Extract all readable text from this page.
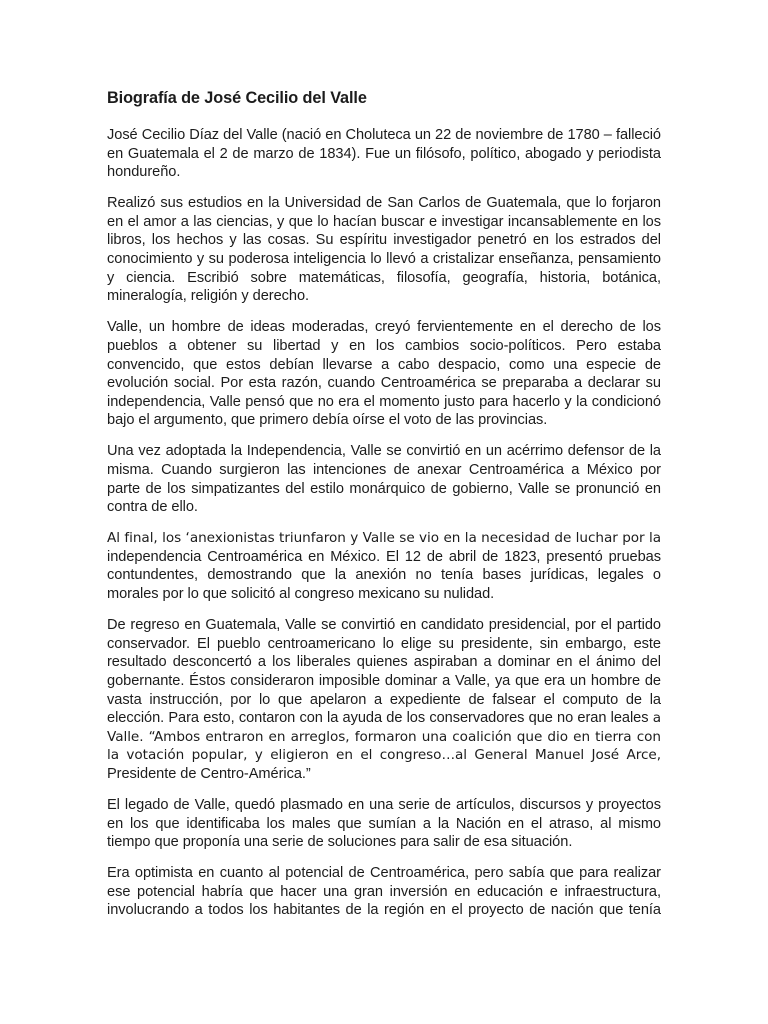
Biografía de José Cecilio del Valle

José Cecilio Díaz del Valle (nació en Choluteca un 22 de noviembre de 1780 – falleció en Guatemala el 2 de marzo de 1834). Fue un filósofo, político, abogado y periodista hondureño.

Realizó sus estudios en la Universidad de San Carlos de Guatemala, que lo forjaron en el amor a las ciencias, y que lo hacían buscar e investigar incansablemente en los libros, los hechos y las cosas. Su espíritu investigador penetró en los estrados del conocimiento y su poderosa inteligencia lo llevó a cristalizar enseñanza, pensamiento y ciencia. Escribió sobre matemáticas, filosofía, geografía, historia, botánica, mineralogía, religión y derecho.

Valle, un hombre de ideas moderadas, creyó fervientemente en el derecho de los pueblos a obtener su libertad y en los cambios socio-políticos. Pero estaba convencido, que estos debían llevarse a cabo despacio, como una especie de evolución social. Por esta razón, cuando Centroamérica se preparaba a declarar su independencia, Valle pensó que no era el momento justo para hacerlo y la condicionó bajo el argumento, que primero debía oírse el voto de las provincias.

Una vez adoptada la Independencia, Valle se convirtió en un acérrimo defensor de la misma. Cuando surgieron las intenciones de anexar Centroamérica a México por parte de los simpatizantes del estilo monárquico de gobierno, Valle se pronunció en contra de ello.

Al final, los ‘anexionistas triunfaron y Valle se vio en la necesidad de luchar por la independencia Centroamérica en México. El 12 de abril de 1823, presentó pruebas contundentes, demostrando que la anexión no tenía bases jurídicas, legales o morales por lo que solicitó al congreso mexicano su nulidad.

De regreso en Guatemala, Valle se convirtió en candidato presidencial, por el partido conservador. El pueblo centroamericano lo elige su presidente, sin embargo, este resultado desconcertó a los liberales quienes aspiraban a dominar en el ánimo del gobernante. Éstos consideraron imposible dominar a Valle, ya que era un hombre de vasta instrucción, por lo que apelaron a expediente de falsear el computo de la elección. Para esto, contaron con la ayuda de los conservadores que no eran leales a Valle. “Ambos entraron en arreglos, formaron una coalición que dio en tierra con la votación popular, y eligieron en el congreso…al General Manuel José Arce, Presidente de Centro-América.”

El legado de Valle, quedó plasmado en una serie de artículos, discursos y proyectos en los que identificaba los males que sumían a la Nación en el atraso, al mismo tiempo que proponía una serie de soluciones para salir de esa situación.

Era optimista en cuanto al potencial de Centroamérica, pero sabía que para realizar ese potencial habría que hacer una gran inversión en educación e infraestructura, involucrando a todos los habitantes de la región en el proyecto de nación que tenía
